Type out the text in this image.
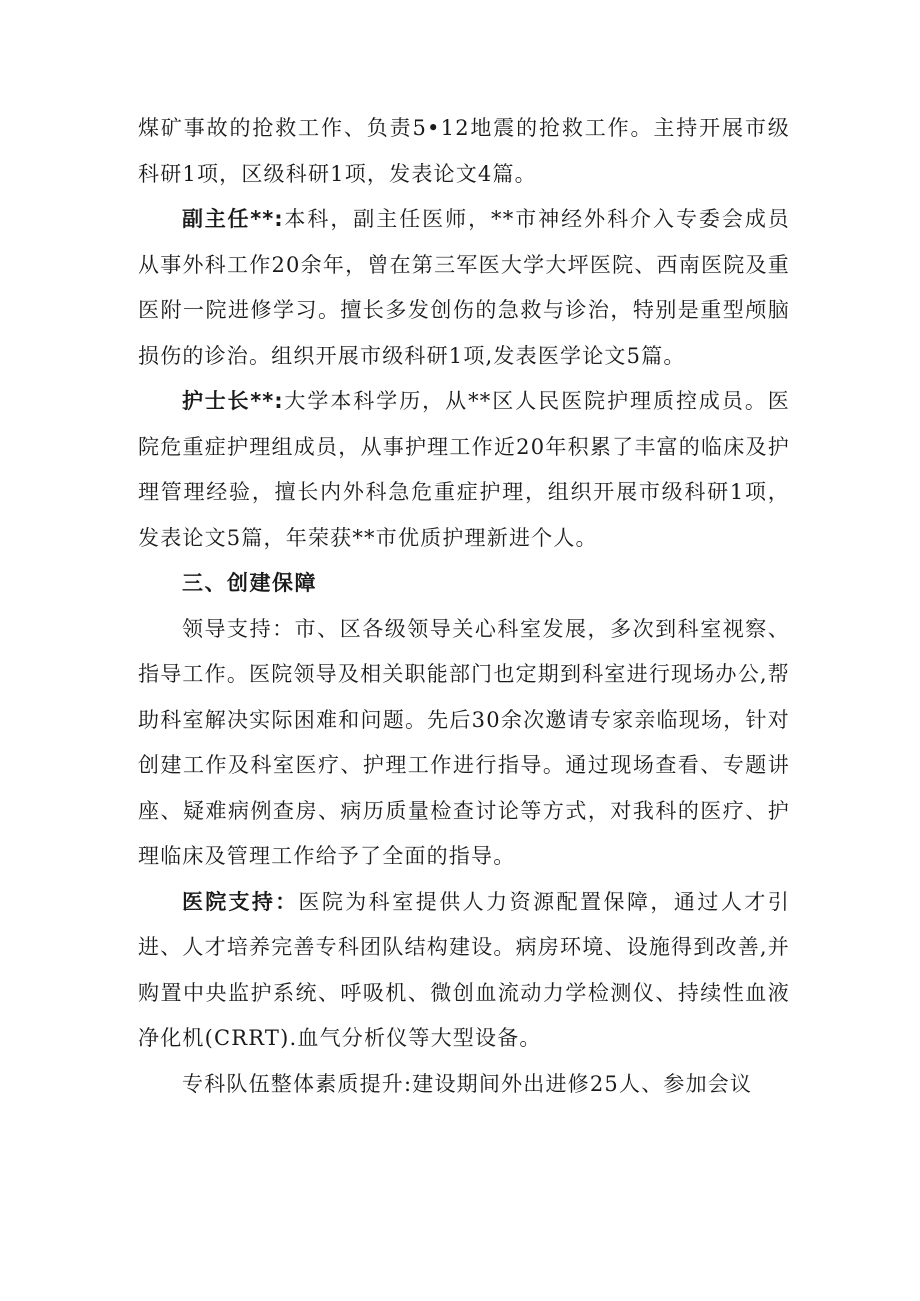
煤矿事故的抢救工作、负责5•12地震的抢救工作。主持开展市级科研1项，区级科研1项，发表论文4篇。

副主任**:本科，副主任医师，**市神经外科介入专委会成员从事外科工作20余年，曾在第三军医大学大坪医院、西南医院及重医附一院进修学习。擅长多发创伤的急救与诊治，特别是重型颅脑损伤的诊治。组织开展市级科研1项,发表医学论文5篇。

护士长**:大学本科学历，从**区人民医院护理质控成员。医院危重症护理组成员，从事护理工作近20年积累了丰富的临床及护理管理经验，擅长内外科急危重症护理，组织开展市级科研1项，发表论文5篇，年荣获**市优质护理新进个人。

三、创建保障

领导支持：市、区各级领导关心科室发展，多次到科室视察、指导工作。医院领导及相关职能部门也定期到科室进行现场办公,帮助科室解决实际困难和问题。先后30余次邀请专家亲临现场，针对创建工作及科室医疗、护理工作进行指导。通过现场查看、专题讲座、疑难病例查房、病历质量检查讨论等方式，对我科的医疗、护理临床及管理工作给予了全面的指导。

医院支持：医院为科室提供人力资源配置保障，通过人才引进、人才培养完善专科团队结构建设。病房环境、设施得到改善,并购置中央监护系统、呼吸机、微创血流动力学检测仪、持续性血液净化机(CRRT).血气分析仪等大型设备。

专科队伍整体素质提升:建设期间外出进修25人、参加会议
